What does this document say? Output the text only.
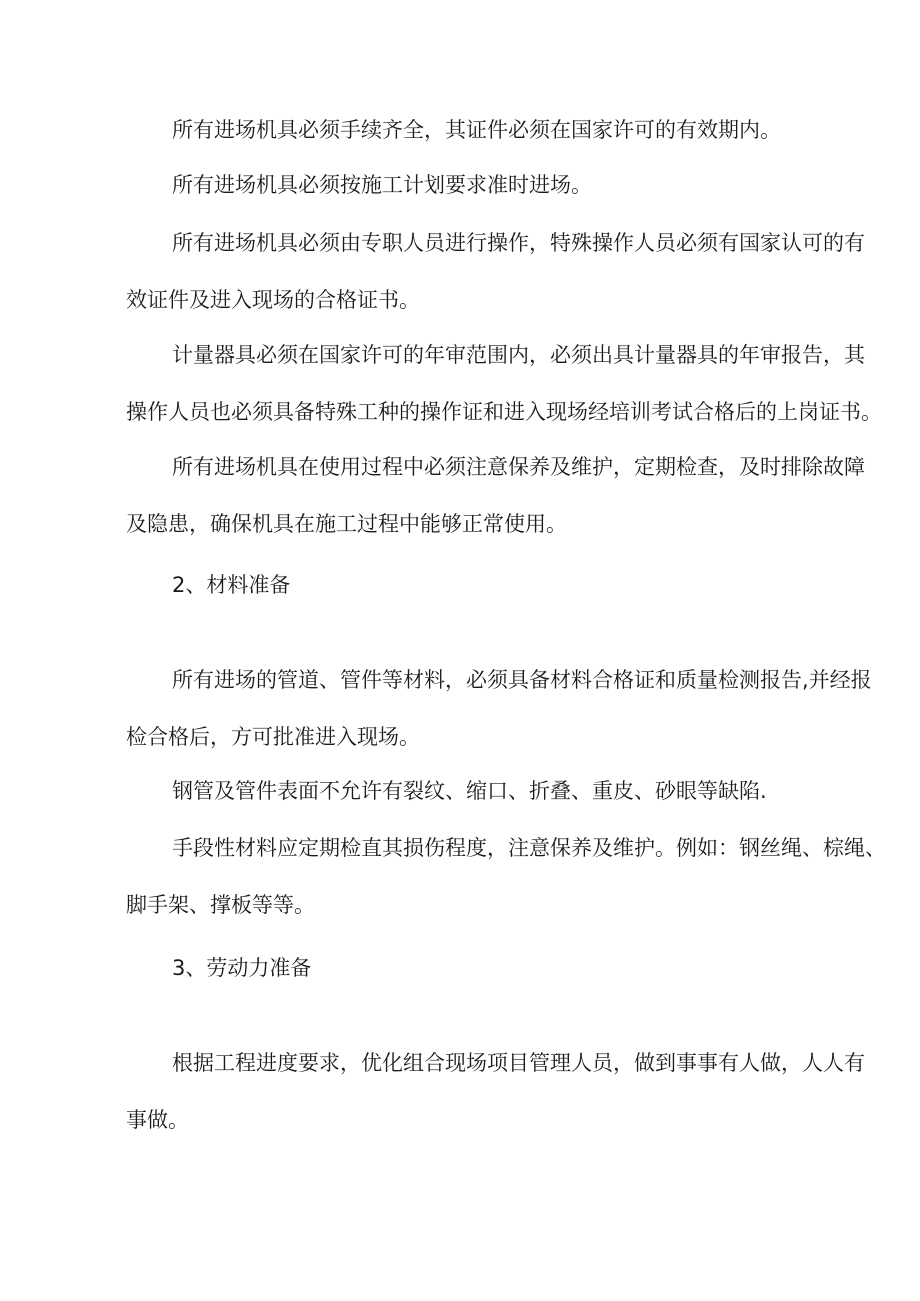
所有进场机具必须手续齐全，其证件必须在国家许可的有效期内。

所有进场机具必须按施工计划要求准时进场。

所有进场机具必须由专职人员进行操作，特殊操作人员必须有国家认可的有
效证件及进入现场的合格证书。

计量器具必须在国家许可的年审范围内，必须出具计量器具的年审报告，其
操作人员也必须具备特殊工种的操作证和进入现场经培训考试合格后的上岗证书。

所有进场机具在使用过程中必须注意保养及维护，定期检查，及时排除故障
及隐患，确保机具在施工过程中能够正常使用。

2、材料准备

所有进场的管道、管件等材料，必须具备材料合格证和质量检测报告,并经报
检合格后，方可批准进入现场。

钢管及管件表面不允许有裂纹、缩口、折叠、重皮、砂眼等缺陷.

手段性材料应定期检直其损伤程度，注意保养及维护。例如：钢丝绳、棕绳、
脚手架、撑板等等。

3、劳动力准备

根据工程进度要求，优化组合现场项目管理人员，做到事事有人做，人人有
事做。
